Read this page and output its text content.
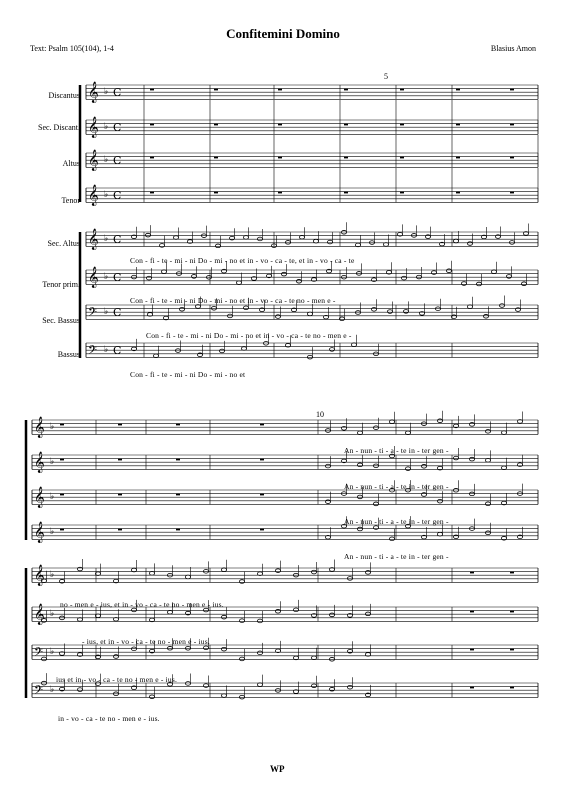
Confitemini Domino
Text: Psalm 105(104), 1-4	Blasius Amon
5
10
Discantus
Sec. Discant.
Altus
Tenor
Sec. Altus
Tenor prim.
Sec. Bassus
Bassus
𝄞 ♭ C
𝄞 ♭ C
𝄞 ♭ C
𝄞 ♭ C
𝄞 ♭ C
𝄞 ♭ C
𝄢 ♭ C
𝄢 ♭ C
𝄞 ♭
𝄞 ♭
𝄞 ♭
𝄞 ♭
𝄞 ♭
𝄞 ♭
𝄢 ♭
𝄢 ♭
Con - fi - te - mi - ni Do - mi - no et in - vo - ca - te, et in - vo - ca - te
Con - fi - te - mi - ni Do - mi - no et in - vo - ca - te no - men e -
Con - fi - te - mi - ni Do - mi - no et in - vo - ca - te no - men e -
Con - fi - te - mi - ni Do - mi - no et
An - nun - ti - a - te in - ter gen -
An - nun - ti - a - te in - ter gen -
An - nun - ti - a - te in - ter gen -
An - nun - ti - a - te in - ter gen -
no - men e - ius, et in - vo - ca - te no - men e - ius.
- ius, et in - vo - ca - te no - men e - ius.
ius et in - vo - ca - te no - men e - ius.
in - vo - ca - te no - men e - ius.
WP
